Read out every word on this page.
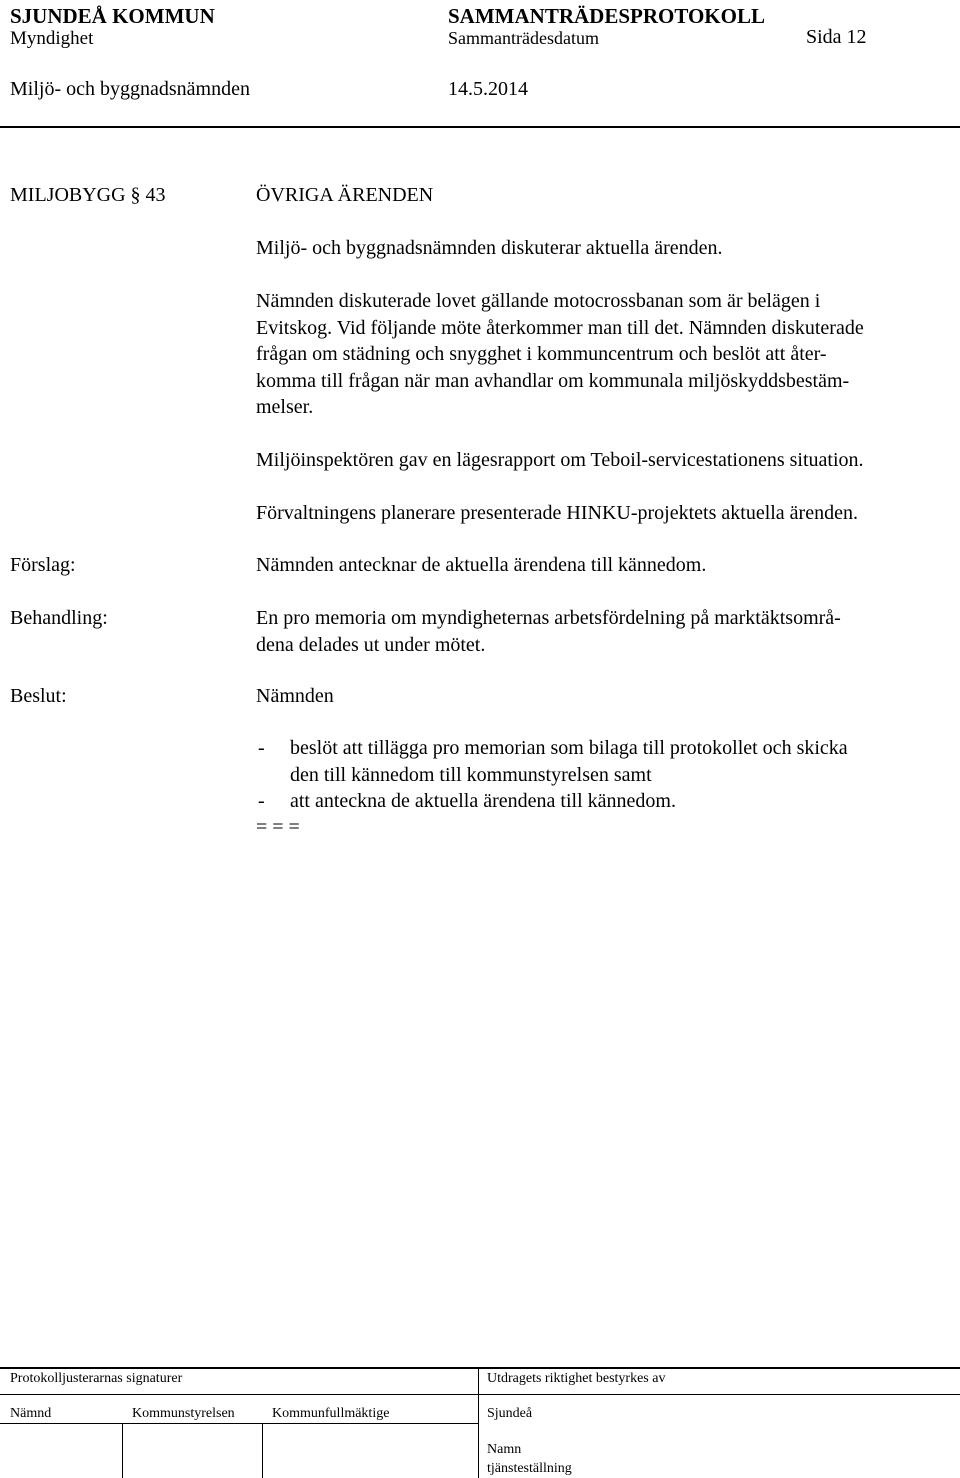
SJUNDEÅ KOMMUN	SAMMANTRÄDESPROTOKOLL
Myndighet	Sammanträdesdatum	Sida 12
Miljö- och byggnadsnämnden	14.5.2014
MILJOBYGG § 43	ÖVRIGA ÄRENDEN
Miljö- och byggnadsnämnden diskuterar aktuella ärenden.
Nämnden diskuterade lovet gällande motocrossbanan som är belägen i
Evitskog. Vid följande möte återkommer man till det. Nämnden diskuterade
frågan om städning och snygghet i kommuncentrum och beslöt att åter-
komma till frågan när man avhandlar om kommunala miljöskyddsbestäm-
melser.
Miljöinspektören gav en lägesrapport om Teboil-servicestationens situation.
Förvaltningens planerare presenterade HINKU-projektets aktuella ärenden.
Förslag:	Nämnden antecknar de aktuella ärendena till kännedom.
Behandling:	En pro memoria om myndigheternas arbetsfördelning på marktäktsområ-
dena delades ut under mötet.
Beslut:	Nämnden
- beslöt att tillägga pro memorian som bilaga till protokollet och skicka
den till kännedom till kommunstyrelsen samt
- att anteckna de aktuella ärendena till kännedom.
= = =
Protokolljusterarnas signaturer	Utdragets riktighet bestyrkes av
Nämnd	Kommunstyrelsen	Kommunfullmäktige	Sjundeå
Namn
tjänsteställning
